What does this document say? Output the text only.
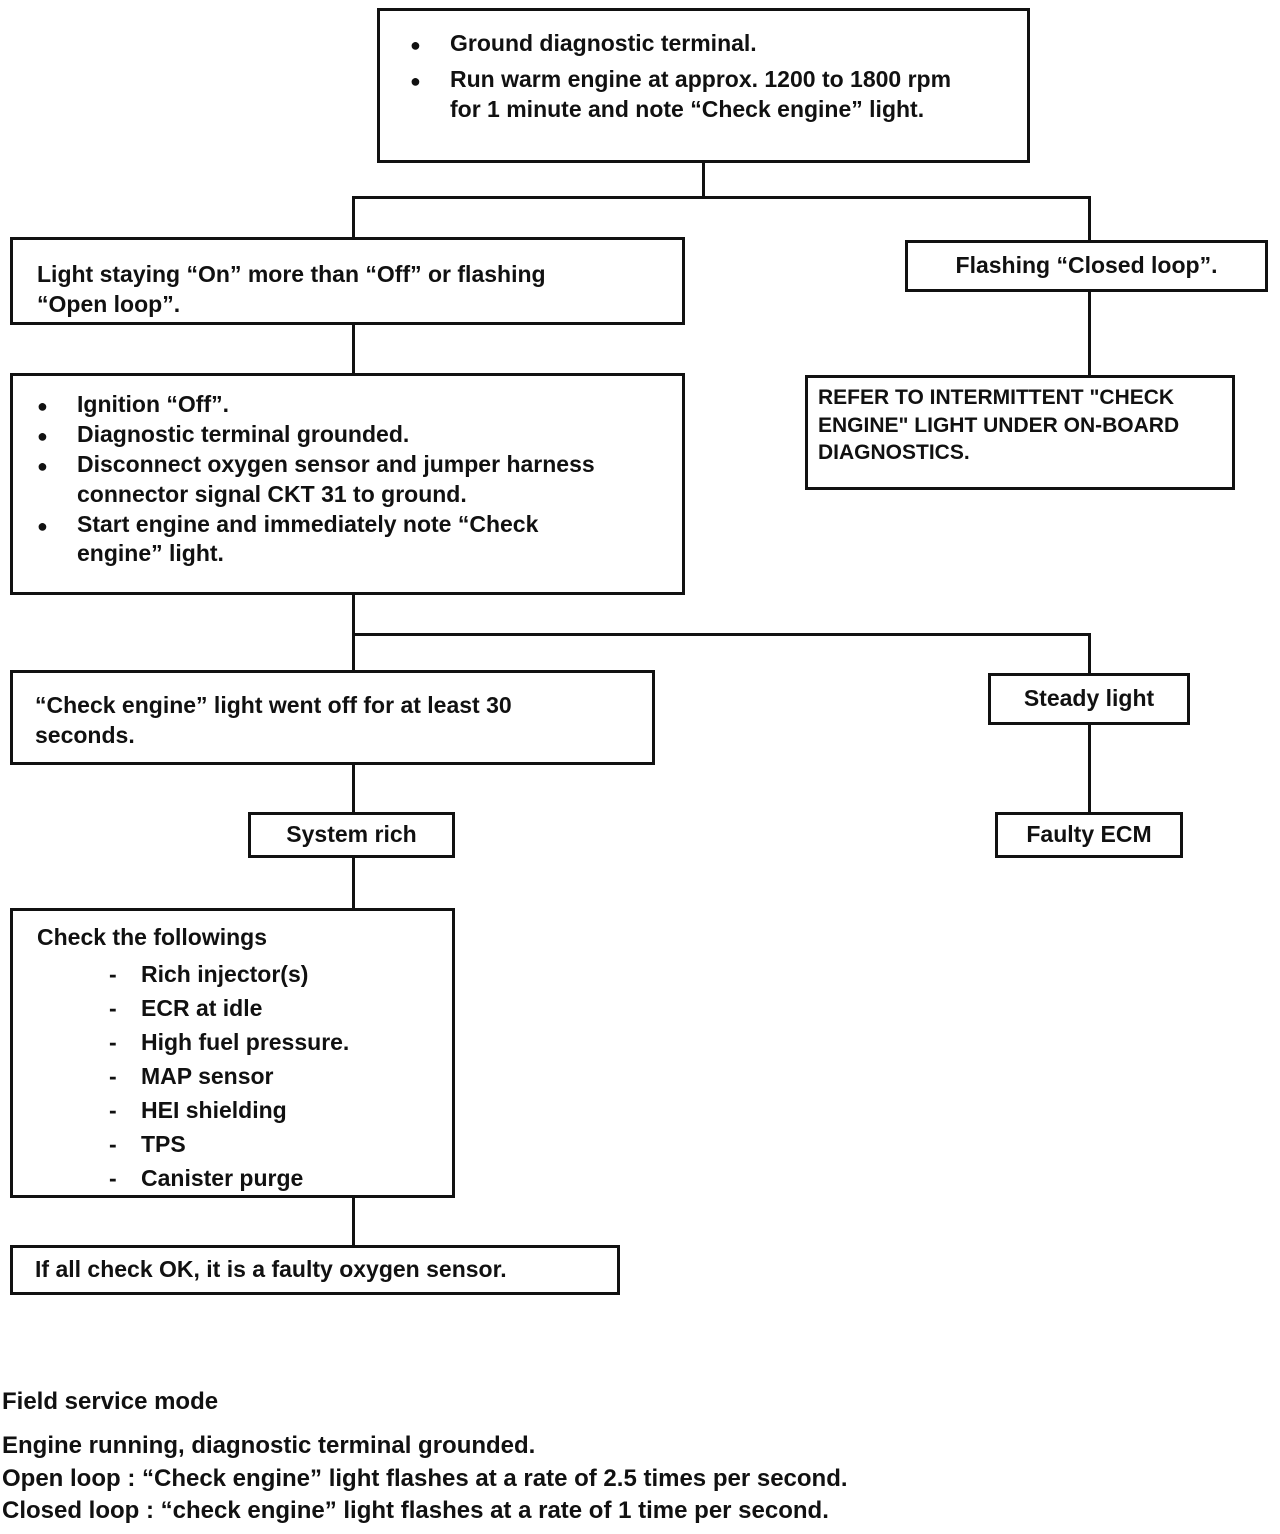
●
Ground diagnostic terminal.
●
Run warm engine at approx. 1200 to 1800 rpm for 1 minute and note “Check engine” light.
Light staying “On” more than “Off” or flashing “Open loop”.
Flashing “Closed loop”.
REFER TO INTERMITTENT "CHECK ENGINE" LIGHT UNDER ON-BOARD DIAGNOSTICS.
●
Ignition “Off”.
●
Diagnostic terminal grounded.
●
Disconnect oxygen sensor and jumper harness connector signal CKT 31 to ground.
●
Start engine and immediately note “Check engine” light.
“Check engine” light went off for at least 30 seconds.
Steady light
System rich	Faulty ECM
Check the followings
-
Rich injector(s)
-
ECR at idle
-
High fuel pressure.
-
MAP sensor
-
HEI shielding
-
TPS
-
Canister purge
If all check OK, it is a faulty oxygen sensor.
Field service mode
Engine running, diagnostic terminal grounded.
Open loop : “Check engine” light flashes at a rate of 2.5 times per second.
Closed loop : “check engine” light flashes at a rate of 1 time per second.
